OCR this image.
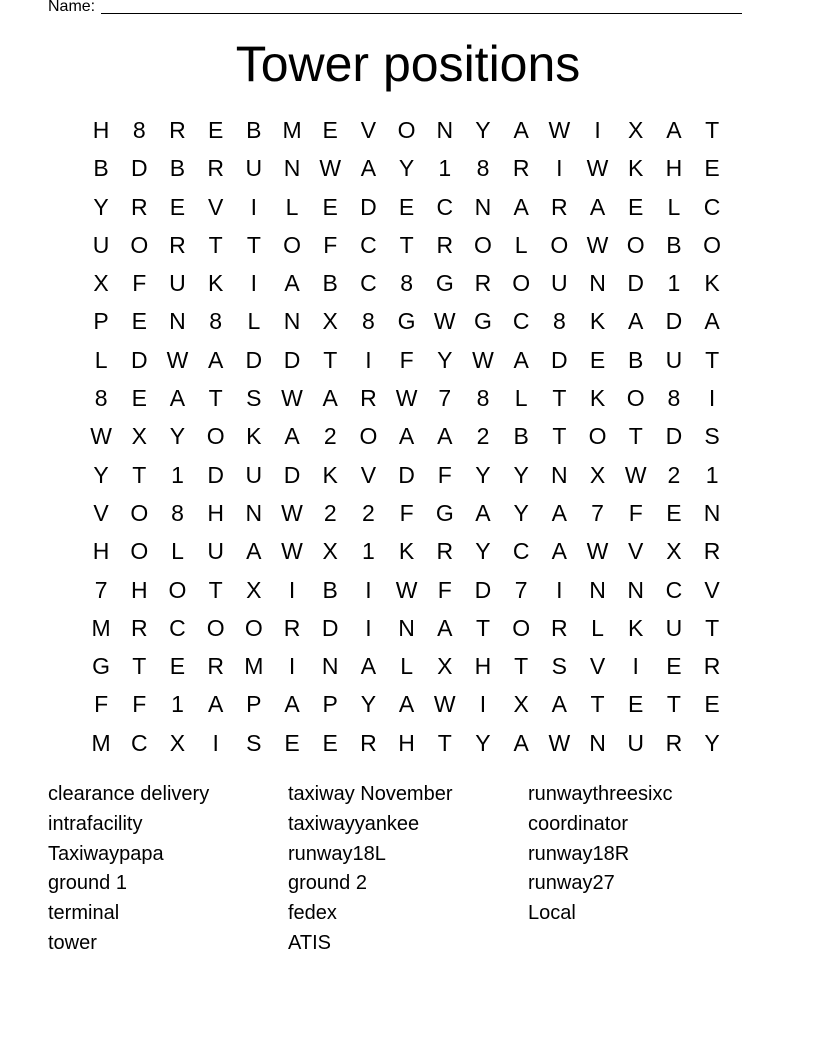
Name:
Tower positions
H	8	R E B M E V O N Y A W	I	X A	T
B D B R U N W A Y	1	8	R	I	W K H E
Y R E V	I	L	E D E C N A R A E	L	C
U O R T	T O F C T R O L O W O B O
X	F U K	I	A B C	8 G R O U N D	1	K
P E N	8	L	N X	8 G W G C	8	K A D A
L	D W A D D T	I	F	Y W A D E B U T
8	E A	T	S W A R W 7	8	L	T	K O 8	I
W X Y O K A	2 O A A	2	B	T O T D S
Y	T	1	D U D K V D F	Y Y N X W 2	1
V O 8	H N W 2	2	F G A Y A	7	F	E N
H O L	U A W X	1	K R Y C A W V X R
7	H O T	X	I	B	I	W F D	7	I	N N C V
M R C O O R D	I	N A	T O R	L	K U T
G T	E R M	I	N A	L	X H T	S V	I	E R
F	F	1	A P A P Y A W	I	X A	T	E	T	E
M C X	I	S E E R H T	Y A W N U R Y
clearance delivery	taxiway November	runwaythreesixc
intrafacility	taxiwayyankee	coordinator
Taxiwaypapa	runway18L	runway18R
ground 1	ground 2	runway27
terminal	fedex	Local
tower	ATIS
